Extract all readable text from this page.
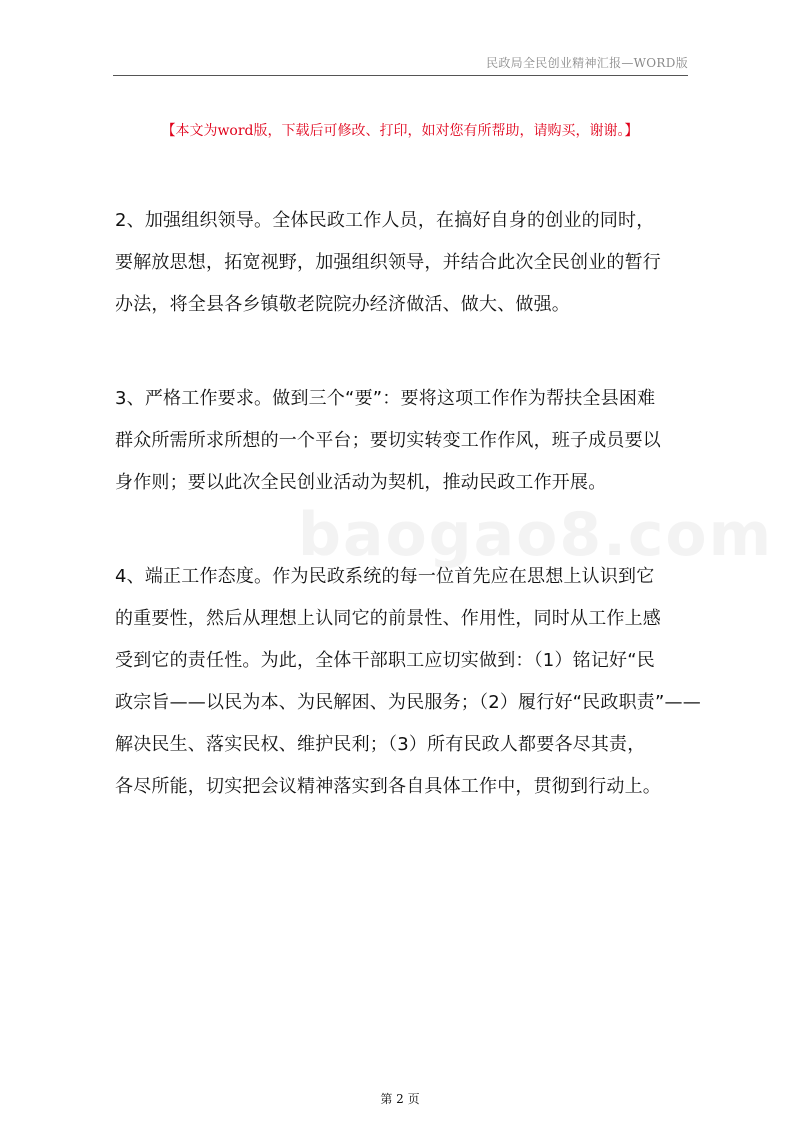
民政局全民创业精神汇报—WORD版
【本文为word版，下载后可修改、打印，如对您有所帮助，请购买，谢谢。】
baogao8.com
2、加强组织领导。全体民政工作人员，在搞好自身的创业的同时，
要解放思想，拓宽视野，加强组织领导，并结合此次全民创业的暂行
办法，将全县各乡镇敬老院院办经济做活、做大、做强。
3、严格工作要求。做到三个“要”：要将这项工作作为帮扶全县困难
群众所需所求所想的一个平台；要切实转变工作作风，班子成员要以
身作则；要以此次全民创业活动为契机，推动民政工作开展。
4、端正工作态度。作为民政系统的每一位首先应在思想上认识到它
的重要性，然后从理想上认同它的前景性、作用性，同时从工作上感
受到它的责任性。为此，全体干部职工应切实做到：（1）铭记好“民
政宗旨——以民为本、为民解困、为民服务；（2）履行好“民政职责”——
解决民生、落实民权、维护民利；（3）所有民政人都要各尽其责，
各尽所能，切实把会议精神落实到各自具体工作中，贯彻到行动上。
第 2 页
